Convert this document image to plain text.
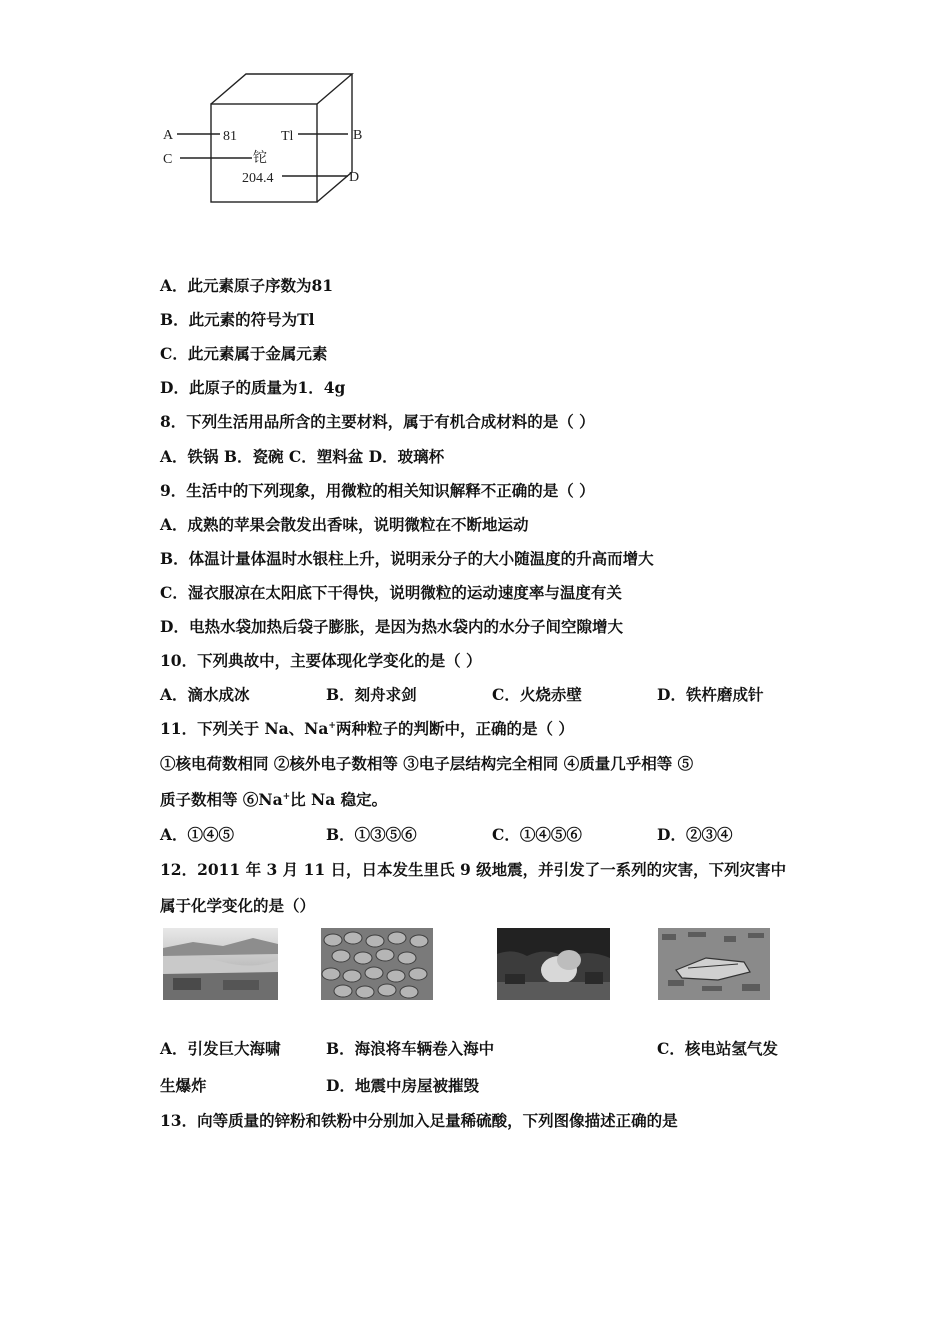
A
C
B
D
81	Tl
铊
204.4
A．此元素原子序数为81
B．此元素的符号为Tl
C．此元素属于金属元素
D．此原子的质量为1．4g
8．下列生活用品所含的主要材料，属于有机合成材料的是（ ）
A．铁锅 B．瓷碗 C．塑料盆 D．玻璃杯
9．生活中的下列现象，用微粒的相关知识解释不正确的是（ ）
A．成熟的苹果会散发出香味，说明微粒在不断地运动
B．体温计量体温时水银柱上升，说明汞分子的大小随温度的升高而增大
C．湿衣服凉在太阳底下干得快，说明微粒的运动速度率与温度有关
D．电热水袋加热后袋子膨胀，是因为热水袋内的水分子间空隙增大
10．下列典故中，主要体现化学变化的是（ ）
A．滴水成冰	B．刻舟求剑	C．火烧赤壁	D．铁杵磨成针
11．下列关于 Na、Na+两种粒子的判断中，正确的是（ ）
①核电荷数相同 ②核外电子数相等 ③电子层结构完全相同 ④质量几乎相等 ⑤
质子数相等 ⑥Na+比 Na 稳定。
A．①④⑤	B．①③⑤⑥	C．①④⑤⑥	D．②③④
12．2011 年 3 月 11 日，日本发生里氏 9 级地震，并引发了一系列的灾害，下列灾害中
属于化学变化的是（）
A．引发巨大海啸	B．海浪将车辆卷入海中	C．核电站氢气发
生爆炸	D．地震中房屋被摧毁
13．向等质量的锌粉和铁粉中分别加入足量稀硫酸，下列图像描述正确的是
